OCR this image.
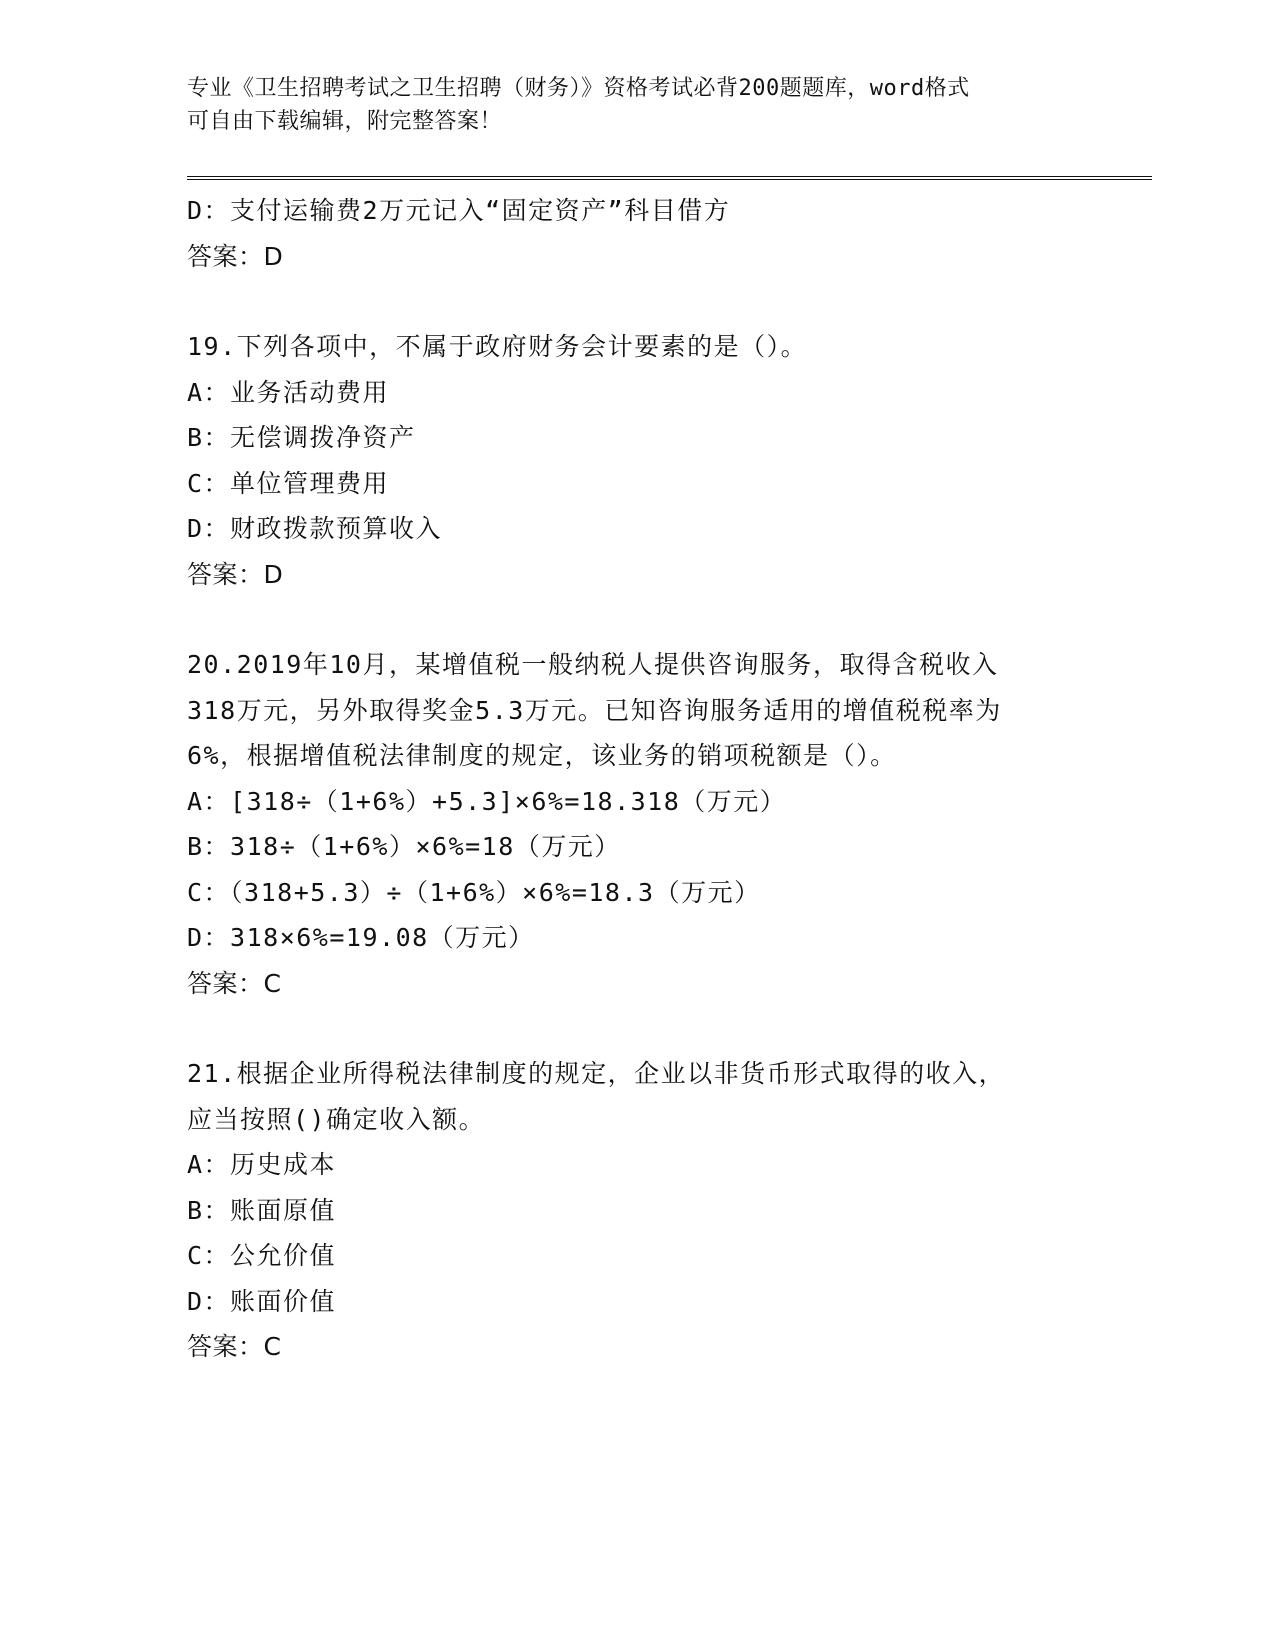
专业《卫生招聘考试之卫生招聘（财务）》资格考试必背200题题库，word格式
可自由下载编辑，附完整答案！
D：支付运输费2万元记入“固定资产”科目借方
答案：D
19.下列各项中，不属于政府财务会计要素的是（）。
A：业务活动费用
B：无偿调拨净资产
C：单位管理费用
D：财政拨款预算收入
答案：D
20.2019年10月，某增值税一般纳税人提供咨询服务，取得含税收入
318万元，另外取得奖金5.3万元。已知咨询服务适用的增值税税率为
6%，根据增值税法律制度的规定，该业务的销项税额是（）。
A：[318÷（1+6%）+5.3]×6%=18.318（万元）
B：318÷（1+6%）×6%=18（万元）
C：（318+5.3）÷（1+6%）×6%=18.3（万元）
D：318×6%=19.08（万元）
答案：C
21.根据企业所得税法律制度的规定，企业以非货币形式取得的收入，
应当按照()确定收入额。
A：历史成本
B：账面原值
C：公允价值
D：账面价值
答案：C
